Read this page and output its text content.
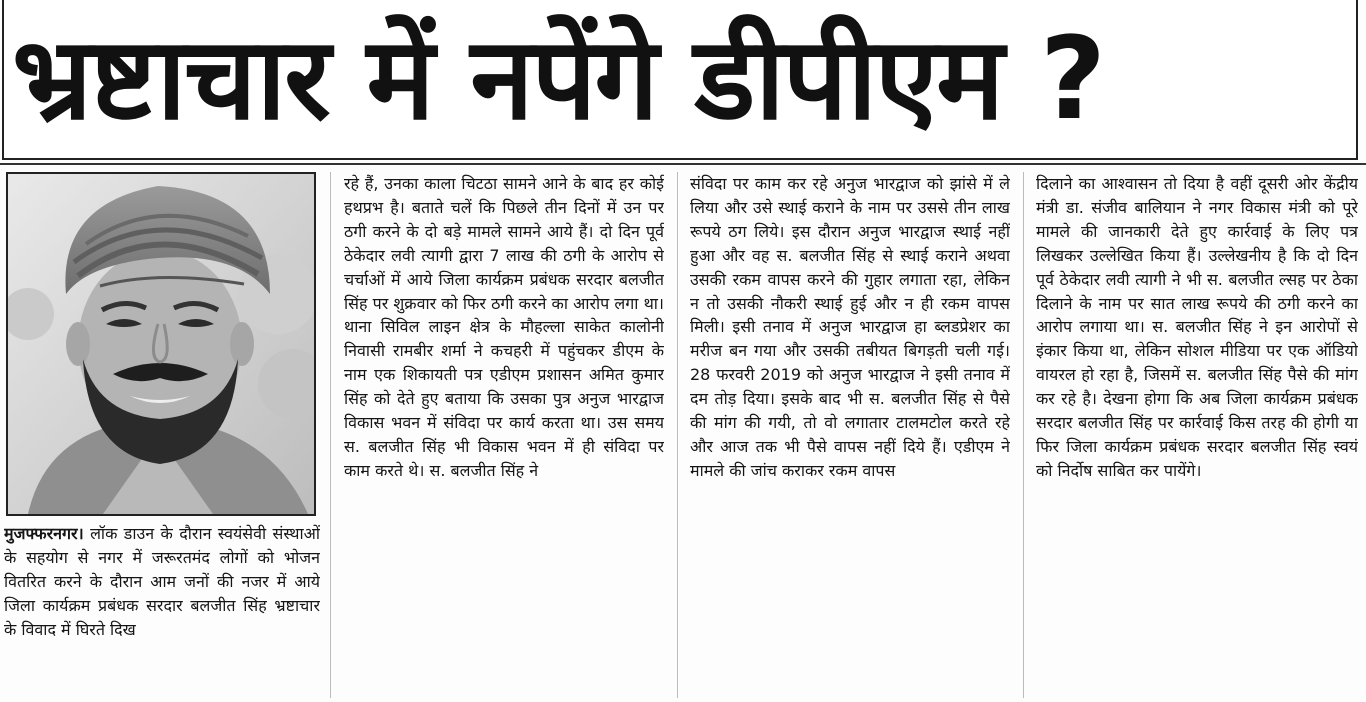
भ्रष्टाचार में नपेंगे डीपीएम ?

मुजफ्फरनगर। लॉक डाउन के दौरान स्वयंसेवी संस्थाओं के सहयोग से नगर में जरूरतमंद लोगों को भोजन वितरित करने के दौरान आम जनों की नजर में आये जिला कार्यक्रम प्रबंधक सरदार बलजीत सिंह भ्रष्टाचार के विवाद में घिरते दिख

रहे हैं, उनका काला चिटठा सामने आने के बाद हर कोई हथप्रभ है। बताते चलें कि पिछले तीन दिनों में उन पर ठगी करने के दो बड़े मामले सामने आये हैं। दो दिन पूर्व ठेकेदार लवी त्यागी द्वारा 7 लाख की ठगी के आरोप से चर्चाओं में आये जिला कार्यक्रम प्रबंधक सरदार बलजीत सिंह पर शुक्रवार को फिर ठगी करने का आरोप लगा था। थाना सिविल लाइन क्षेत्र के मौहल्ला साकेत कालोनी निवासी रामबीर शर्मा ने कचहरी में पहुंचकर डीएम के नाम एक शिकायती पत्र एडीएम प्रशासन अमित कुमार सिंह को देते हुए बताया कि उसका पुत्र अनुज भारद्वाज विकास भवन में संविदा पर कार्य करता था। उस समय स. बलजीत सिंह भी विकास भवन में ही संविदा पर काम करते थे। स. बलजीत सिंह ने

संविदा पर काम कर रहे अनुज भारद्वाज को झांसे में ले लिया और उसे स्थाई कराने के नाम पर उससे तीन लाख रूपये ठग लिये। इस दौरान अनुज भारद्वाज स्थाई नहीं हुआ और वह स. बलजीत सिंह से स्थाई कराने अथवा उसकी रकम वापस करने की गुहार लगाता रहा, लेकिन न तो उसकी नौकरी स्थाई हुई और न ही रकम वापस मिली। इसी तनाव में अनुज भारद्वाज हा ब्लडप्रेशर का मरीज बन गया और उसकी तबीयत बिगड़ती चली गई। 28 फरवरी 2019 को अनुज भारद्वाज ने इसी तनाव में दम तोड़ दिया। इसके बाद भी स. बलजीत सिंह से पैसे की मांग की गयी, तो वो लगातार टालमटोल करते रहे और आज तक भी पैसे वापस नहीं दिये हैं। एडीएम ने मामले की जांच कराकर रकम वापस

दिलाने का आश्वासन तो दिया है वहीं दूसरी ओर केंद्रीय मंत्री डा. संजीव बालियान ने नगर विकास मंत्री को पूरे मामले की जानकारी देते हुए कार्रवाई के लिए पत्र लिखकर उल्लेखित किया हैं। उल्लेखनीय है कि दो दिन पूर्व ठेकेदार लवी त्यागी ने भी स. बलजीत ल्सह पर ठेका दिलाने के नाम पर सात लाख रूपये की ठगी करने का आरोप लगाया था। स. बलजीत सिंह ने इन आरोपों से इंकार किया था, लेकिन सोशल मीडिया पर एक ऑडियो वायरल हो रहा है, जिसमें स. बलजीत सिंह पैसे की मांग कर रहे है। देखना होगा कि अब जिला कार्यक्रम प्रबंधक सरदार बलजीत सिंह पर कार्रवाई किस तरह की होगी या फिर जिला कार्यक्रम प्रबंधक सरदार बलजीत सिंह स्वयं को निर्दोष साबित कर पायेंगे।
